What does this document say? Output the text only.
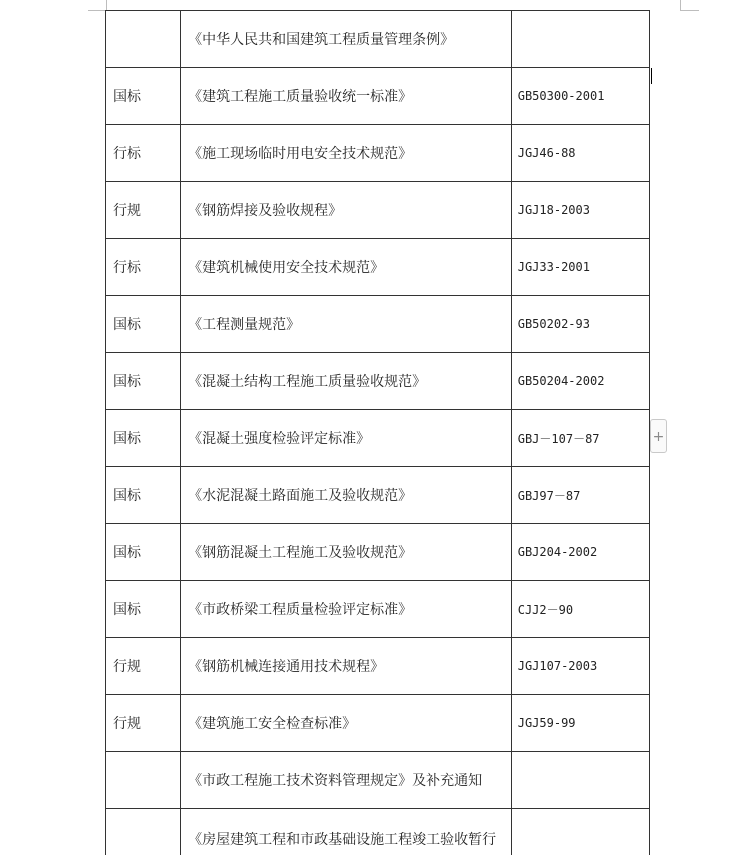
	《中华人民共和国建筑工程质量管理条例》	
国标	《建筑工程施工质量验收统一标准》	GB50300-2001
行标	《施工现场临时用电安全技术规范》	JGJ46-88
行规	《钢筋焊接及验收规程》	JGJ18-2003
行标	《建筑机械使用安全技术规范》	JGJ33-2001
国标	《工程测量规范》	GB50202-93
国标	《混凝土结构工程施工质量验收规范》	GB50204-2002
国标	《混凝土强度检验评定标准》	GBJ－107－87
国标	《水泥混凝土路面施工及验收规范》	GBJ97－87
国标	《钢筋混凝土工程施工及验收规范》	GBJ204-2002
国标	《市政桥梁工程质量检验评定标准》	CJJ2－90
行规	《钢筋机械连接通用技术规程》	JGJ107-2003
行规	《建筑施工安全检查标准》	JGJ59-99
	《市政工程施工技术资料管理规定》及补充通知	
	《房屋建筑工程和市政基础设施工程竣工验收暂行	
+
